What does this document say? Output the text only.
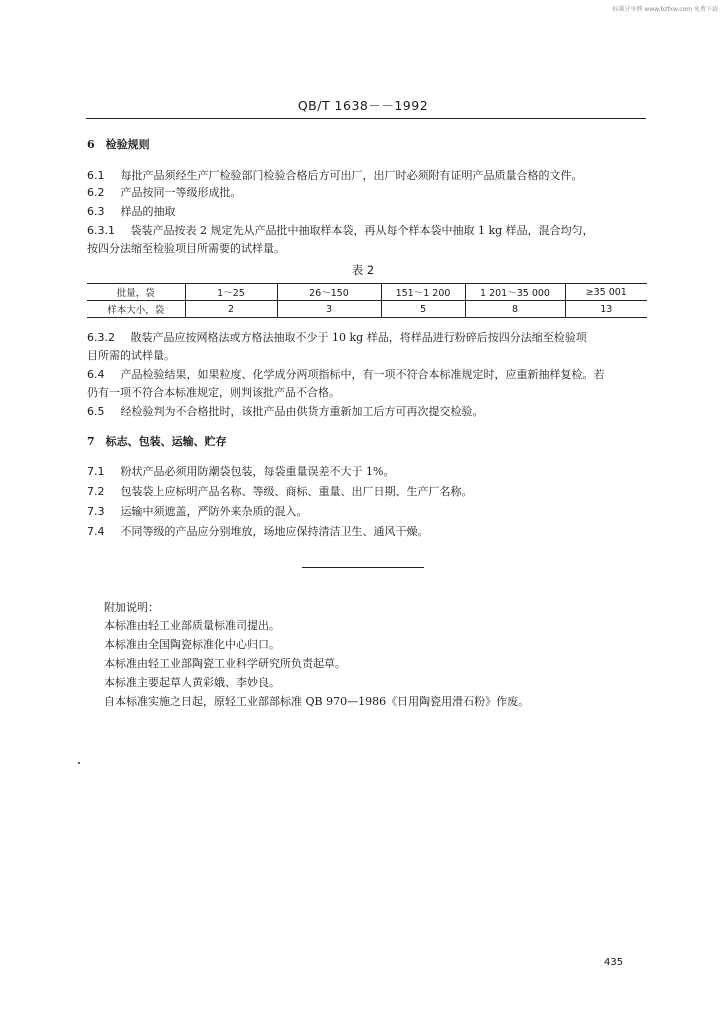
标准分享网 www.bzfxw.com 免费下载
QB/T 1638－－1992
6　检验规则
6.1 每批产品须经生产厂检验部门检验合格后方可出厂，出厂时必须附有证明产品质量合格的文件。
6.2 产品按同一等级形成批。
6.3 样品的抽取
6.3.1 袋装产品按表 2 规定先从产品批中抽取样本袋，再从每个样本袋中抽取 1 kg 样品，混合均匀，
按四分法缩至检验项目所需要的试样量。
表 2
批量，袋	1～25	26～150	151～1 200	1 201～35 000	≥35 001
样本大小，袋	2	3	5	8	13
6.3.2 散装产品应按网格法或方格法抽取不少于 10 kg 样品，将样品进行粉碎后按四分法缩至检验项
目所需的试样量。
6.4 产品检验结果，如果粒度、化学成分两项指标中，有一项不符合本标准规定时，应重新抽样复检。若
仍有一项不符合本标准规定，则判该批产品不合格。
6.5 经检验判为不合格批时，该批产品由供货方重新加工后方可再次提交检验。
7　标志、包装、运输、贮存
7.1 粉状产品必须用防潮袋包装，每袋重量误差不大于 1%。
7.2 包装袋上应标明产品名称、等级、商标、重量、出厂日期、生产厂名称。
7.3 运输中须遮盖，严防外来杂质的混入。
7.4 不同等级的产品应分别堆放，场地应保持清洁卫生、通风干燥。
附加说明：
本标准由轻工业部质量标准司提出。
本标准由全国陶瓷标准化中心归口。
本标准由轻工业部陶瓷工业科学研究所负责起草。
本标准主要起草人黄彩娥、李妙良。
自本标准实施之日起，原轻工业部部标准 QB 970—1986《日用陶瓷用滑石粉》作废。
435
